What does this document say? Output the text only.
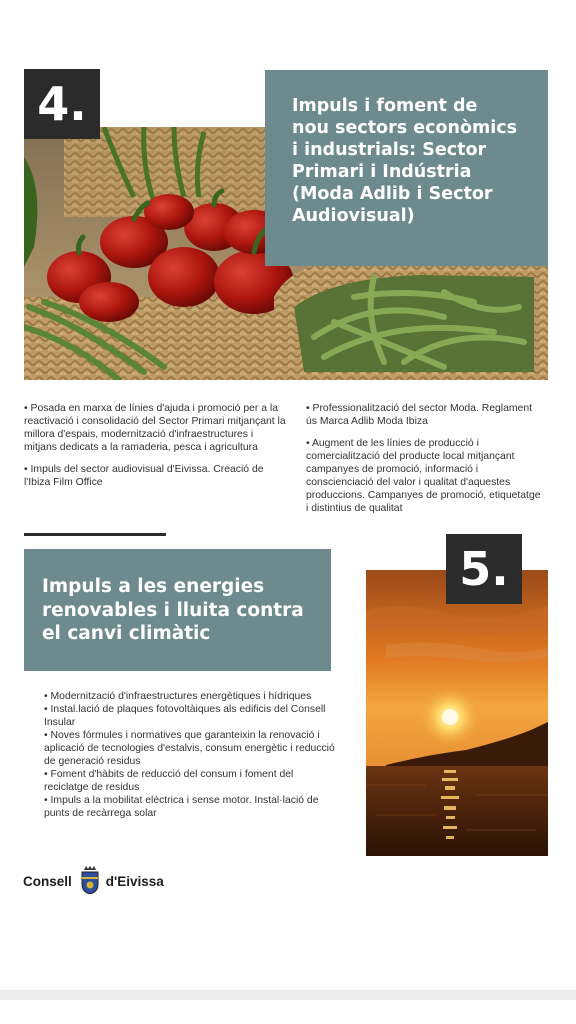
4.	Impuls i foment de
nou sectors econòmics
i industrials: Sector
Primari i Indústria
(Moda Adlib i Sector
Audiovisual)

• Posada en marxa de línies d'ajuda i promoció per a la reactivació i consolidació del Sector Primari mitjançant la millora d'espais, modernització d'infraestructures i mitjans dedicats a la ramaderia, pesca i agricultura

• Impuls del sector audiovisual d'Eivissa. Creació de l'Ibiza Film Office

• Professionalització del sector Moda. Reglament ús Marca Adlib Moda Ibiza

• Augment de les línies de producció i comercialització del producte local mitjançant campanyes de promoció, informació i conscienciació del valor i qualitat d'aquestes produccions. Campanyes de promoció, etiquetatge i distintius de qualitat

Impuls a les energies
renovables i lluita contra
el canvi climàtic
5.

• Modernització d'infraestructures energètiques i hídriques

• Instal.lació de plaques fotovoltàiques als edificis del Consell Insular

• Noves fórmules i normatives que garanteixin la renovació i aplicació de tecnologies d'estalvis, consum energètic i reducció de generació residus

• Foment d'hàbits de reducció del consum i foment del reciclatge de residus

• Impuls a la mobilitat elèctrica i sense motor. Instal·lació de punts de recàrrega solar

Consell	d'Eivissa
